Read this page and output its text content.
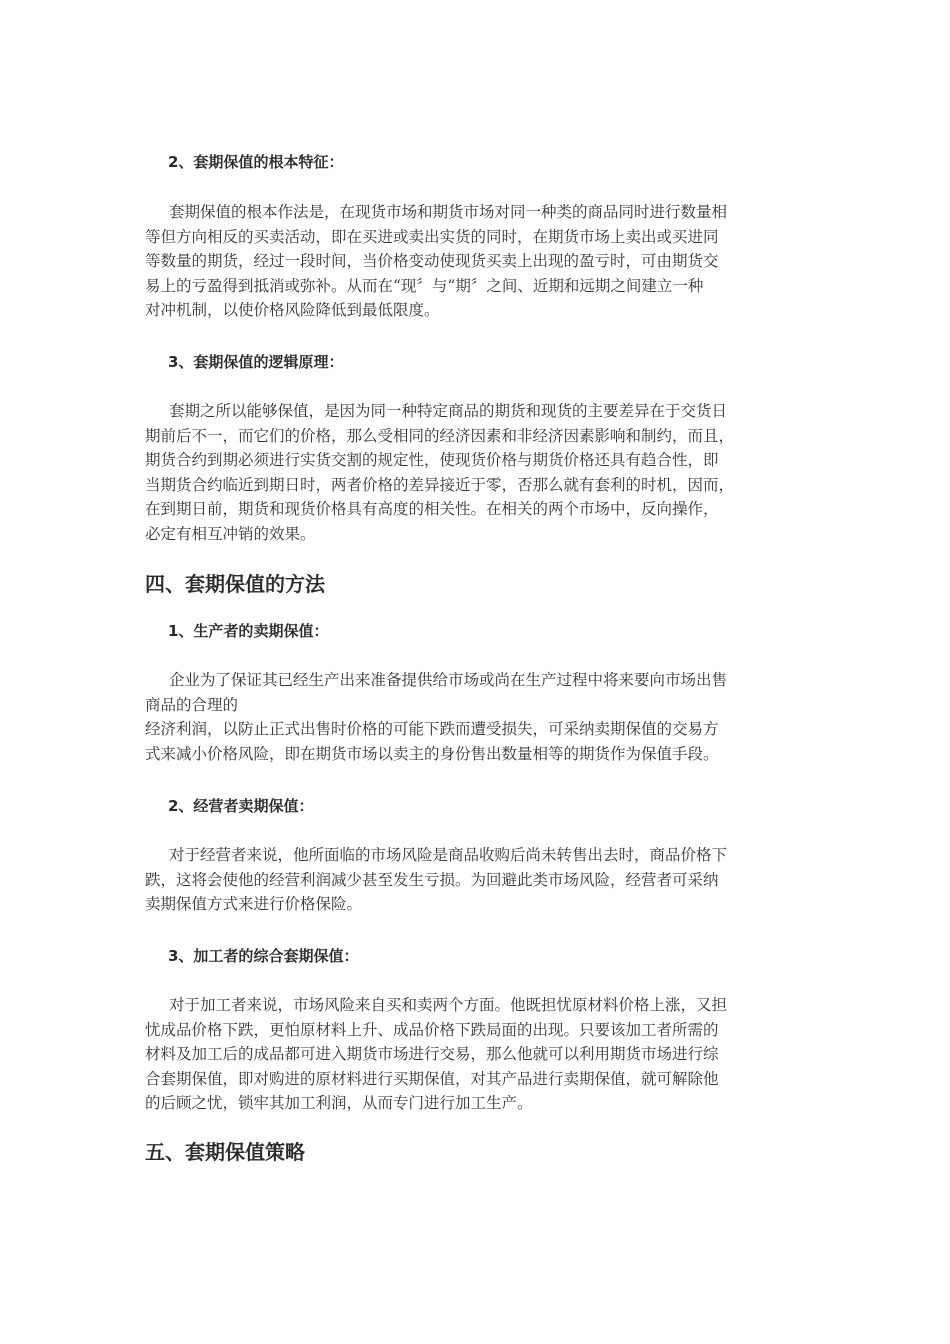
2、套期保值的根本特征：
套期保值的根本作法是，在现货市场和期货市场对同一种类的商品同时进行数量相
等但方向相反的买卖活动，即在买进或卖出实货的同时，在期货市场上卖出或买进同
等数量的期货，经过一段时间，当价格变动使现货买卖上出现的盈亏时，可由期货交
易上的亏盈得到抵消或弥补。从而在“现〞与“期〞之间、近期和远期之间建立一种
对冲机制，以使价格风险降低到最低限度。
3、套期保值的逻辑原理：
套期之所以能够保值，是因为同一种特定商品的期货和现货的主要差异在于交货日
期前后不一，而它们的价格，那么受相同的经济因素和非经济因素影响和制约，而且，
期货合约到期必须进行实货交割的规定性，使现货价格与期货价格还具有趋合性，即
当期货合约临近到期日时，两者价格的差异接近于零，否那么就有套利的时机，因而，
在到期日前，期货和现货价格具有高度的相关性。在相关的两个市场中，反向操作，
必定有相互冲销的效果。
四、套期保值的方法
1、生产者的卖期保值：
企业为了保证其已经生产出来准备提供给市场或尚在生产过程中将来要向市场出售
商品的合理的
经济利润，以防止正式出售时价格的可能下跌而遭受损失，可采纳卖期保值的交易方
式来减小价格风险，即在期货市场以卖主的身份售出数量相等的期货作为保值手段。
2、经营者卖期保值：
对于经营者来说，他所面临的市场风险是商品收购后尚未转售出去时，商品价格下
跌，这将会使他的经营利润减少甚至发生亏损。为回避此类市场风险，经营者可采纳
卖期保值方式来进行价格保险。
3、加工者的综合套期保值：
对于加工者来说，市场风险来自买和卖两个方面。他既担忧原材料价格上涨，又担
忧成品价格下跌，更怕原材料上升、成品价格下跌局面的出现。只要该加工者所需的
材料及加工后的成品都可进入期货市场进行交易，那么他就可以利用期货市场进行综
合套期保值，即对购进的原材料进行买期保值，对其产品进行卖期保值，就可解除他
的后顾之忧，锁牢其加工利润，从而专门进行加工生产。
五、套期保值策略
